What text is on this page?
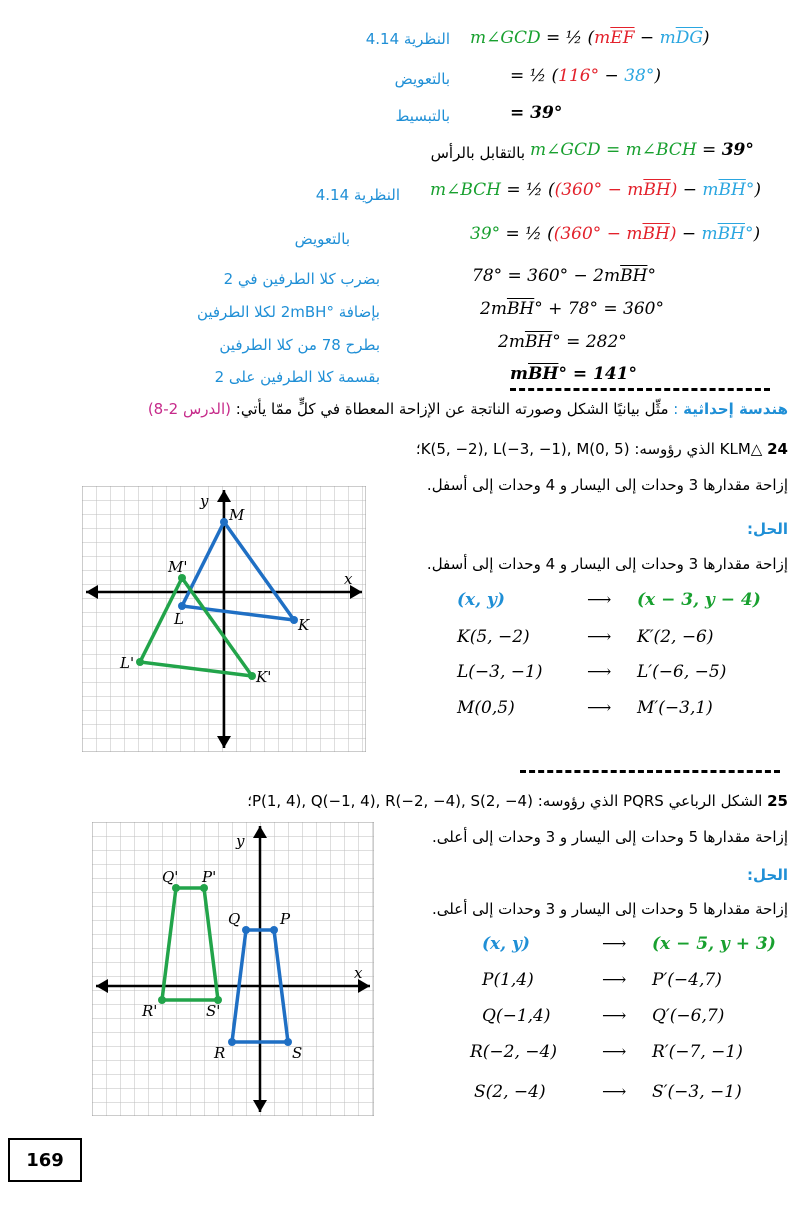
النظرية 4.14 m∠GCD = ½ $(m\overline{EF} - m\overline{DG})$
بالتعويض	= ½ (116° − 38°)
بالتبسيط	= 39°
بالتقابل بالرأس m∠GCD = m∠BCH = 39°
النظرية 4.14 m∠BCH = ½ $((360^\circ - m\overline{BH}) - m\overline{BH}^\circ)$
بالتعويض	39° = ½ $((360^\circ - m\overline{BH}) - m\overline{BH}^\circ)$
بضرب كلا الطرفين في 2	$78^\circ = 360^\circ - 2m\overline{BH}^\circ$
بإضافة °2mBH لكلا الطرفين	$2m\overline{BH}^\circ + 78^\circ = 360^\circ$
بطرح 78 من كلا الطرفين	$2m\overline{BH}^\circ = 282^\circ$
بقسمة كلا الطرفين على 2	$m\overline{BH}^\circ = 141^\circ$
هندسة إحداثية : مثِّل بيانيًا الشكل وصورته الناتجة عن الإزاحة المعطاة في كلٍّ ممّا يأتي: (الدرس 2-8)
24 △KLM الذي رؤوسه: K(5, −2), L(−3, −1), M(0, 5)؛
إزاحة مقدارها 3 وحدات إلى اليسار و 4 وحدات إلى أسفل.
الحل:
إزاحة مقدارها 3 وحدات إلى اليسار و 4 وحدات إلى أسفل.
(x, y)	⟶ (x − 3, y − 4)
K(5, −2)	⟶ K′(2, −6)
L(−3, −1)	⟶ L′(−6, −5)
M(0,5)	⟶ M′(−3,1)
x
y
K
L
M
K'
L'
M'
25 الشكل الرباعي PQRS الذي رؤوسه: P(1, 4), Q(−1, 4), R(−2, −4), S(2, −4)؛
إزاحة مقدارها 5 وحدات إلى اليسار و 3 وحدات إلى أعلى.
الحل:
إزاحة مقدارها 5 وحدات إلى اليسار و 3 وحدات إلى أعلى.
(x, y)	⟶ (x − 5, y + 3)
P(1,4)	⟶ P′(−4,7)
Q(−1,4)	⟶ Q′(−6,7)
R(−2, −4)	⟶ R′(−7, −1)
S(2, −4)	⟶ S′(−3, −1)
x
y
P
Q
R	S
P'
Q'
R'	S'
169
